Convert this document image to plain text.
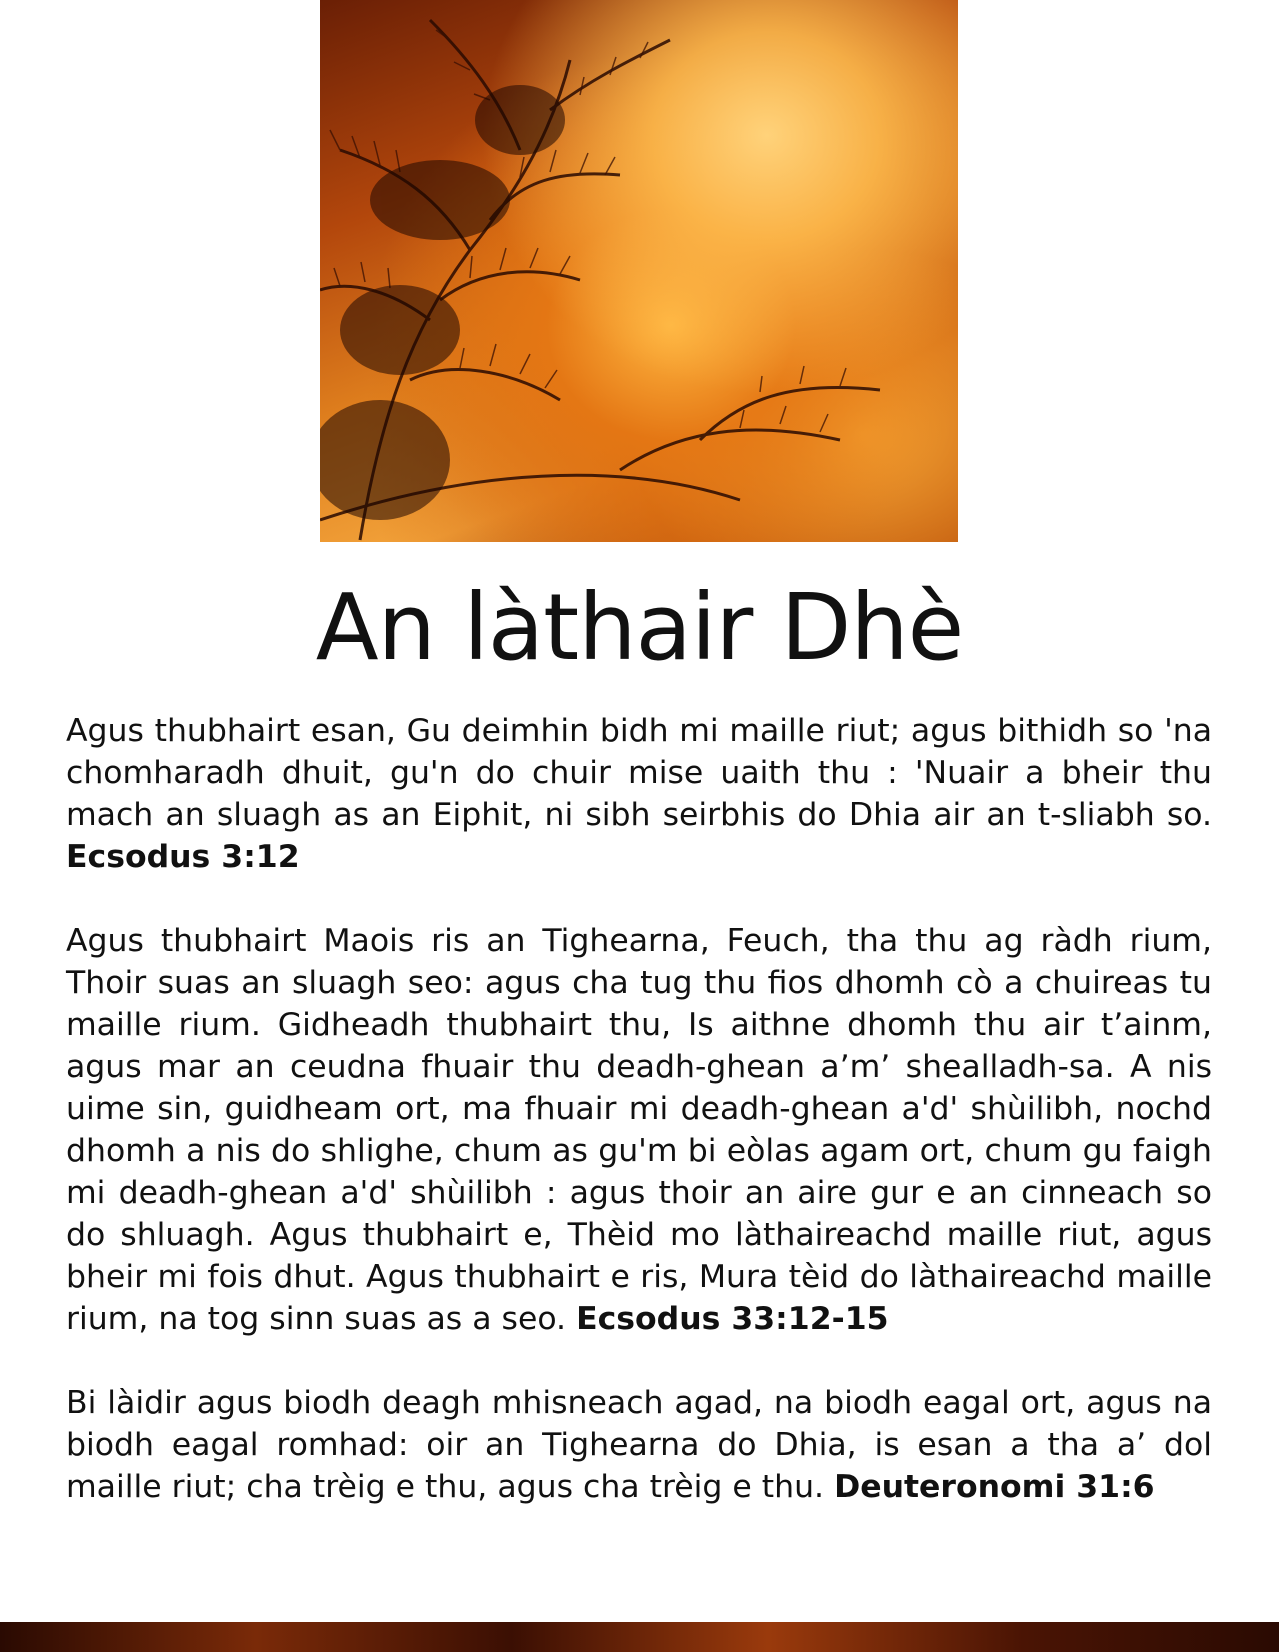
An làthair Dhè

Agus thubhairt esan, Gu deimhin bidh mi maille riut; agus bithidh so 'na chomharadh dhuit, gu'n do chuir mise uaith thu : 'Nuair a bheir thu mach an sluagh as an Eiphit, ni sibh seirbhis do Dhia air an t-sliabh so. Ecsodus 3:12

Agus thubhairt Maois ris an Tighearna, Feuch, tha thu ag ràdh rium, Thoir suas an sluagh seo: agus cha tug thu fios dhomh cò a chuireas tu maille rium. Gidheadh thubhairt thu, Is aithne dhomh thu air t’ainm, agus mar an ceudna fhuair thu deadh-ghean a’m’ shealladh-sa. A nis uime sin, guidheam ort, ma fhuair mi deadh-ghean a'd' shùilibh, nochd dhomh a nis do shlighe, chum as gu'm bi eòlas agam ort, chum gu faigh mi deadh-ghean a'd' shùilibh : agus thoir an aire gur e an cinneach so do shluagh. Agus thubhairt e, Thèid mo làthaireachd maille riut, agus bheir mi fois dhut. Agus thubhairt e ris, Mura tèid do làthaireachd maille rium, na tog sinn suas as a seo. Ecsodus 33:12-15

Bi làidir agus biodh deagh mhisneach agad, na biodh eagal ort, agus na biodh eagal romhad: oir an Tighearna do Dhia, is esan a tha a’ dol maille riut; cha trèig e thu, agus cha trèig e thu. Deuteronomi 31:6
